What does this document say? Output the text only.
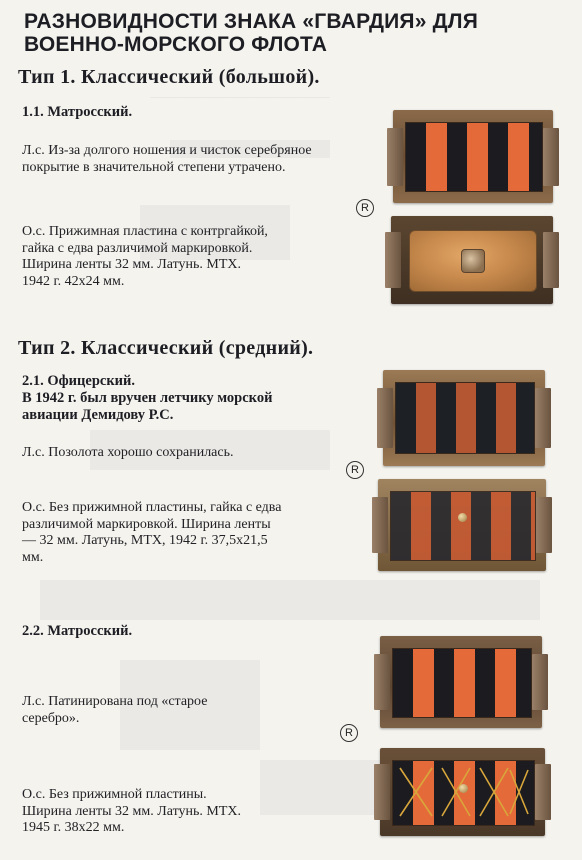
―――――――――――――――
РАЗНОВИДНОСТИ ЗНАКА «ГВАРДИЯ» ДЛЯ ВОЕННО-МОРСКОГО ФЛОТА
Тип 1. Классический (большой).
1.1. Матросский.
Л.с. Из-за долгого ношения и чисток серебряное покрытие в значительной степени утрачено.
О.с. Прижимная пластина с контргайкой, гайка с едва различимой маркировкой. Ширина ленты 32 мм. Латунь. МТХ. 1942 г. 42х24 мм.
Тип 2. Классический (средний).
2.1. Офицерский.
В 1942 г. был вручен летчику морской
авиации Демидову Р.С.
Л.с. Позолота хорошо сохранилась.
О.с. Без прижимной пластины, гайка с едва различимой маркировкой. Ширина ленты — 32 мм. Латунь, МТХ, 1942 г. 37,5х21,5 мм.
2.2. Матросский.
Л.с. Патинирована под «старое серебро».
О.с. Без прижимной пластины. Ширина ленты 32 мм. Латунь. МТХ. 1945 г. 38х22 мм.
R
R
R
